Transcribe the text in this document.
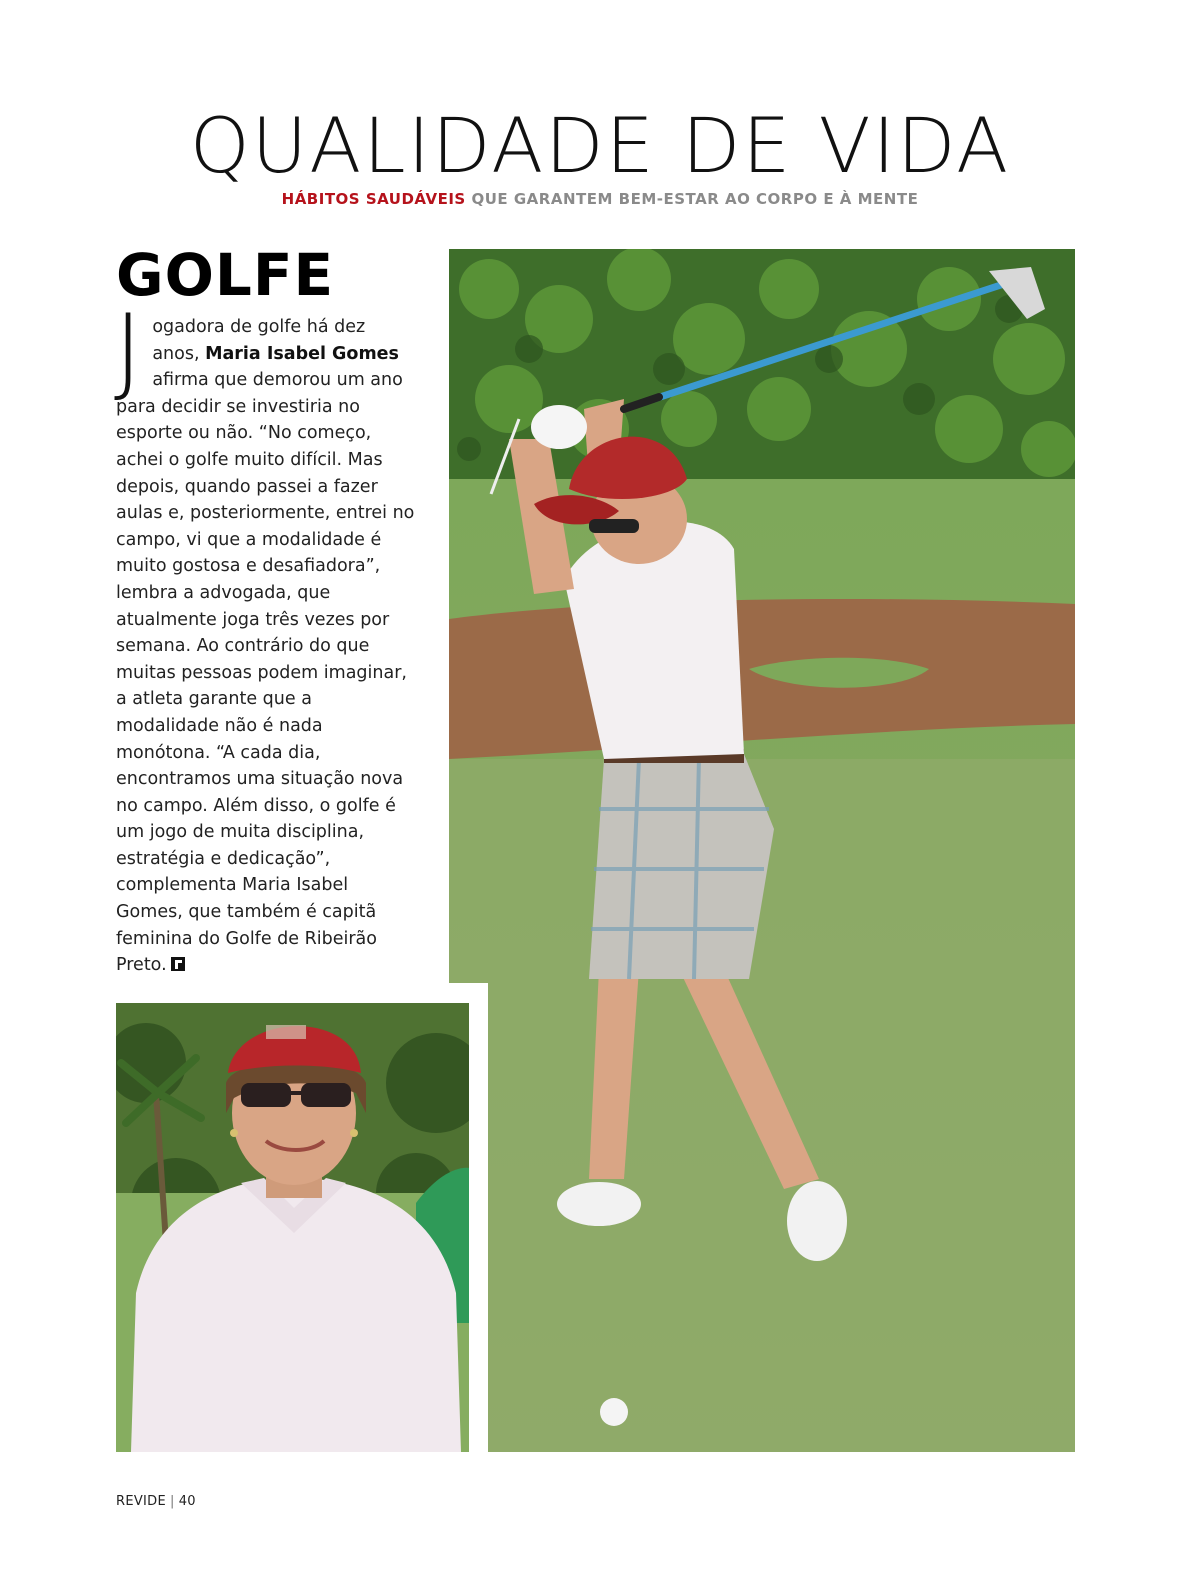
QUALIDADE DE VIDA
HÁBITOS SAUDÁVEIS QUE GARANTEM BEM-ESTAR AO CORPO E À MENTE
GOLFE

Jogadora de golfe há dez anos, Maria Isabel Gomes afirma que demorou um ano para decidir se investiria no esporte ou não. “No começo, achei o golfe muito difícil. Mas depois, quando passei a fazer aulas e, posteriormente, entrei no campo, vi que a modalidade é muito gostosa e desafiadora”, lembra a advogada, que atualmente joga três vezes por semana. Ao contrário do que muitas pessoas podem imaginar, a atleta garante que a modalidade não é nada monótona. “A cada dia, encontramos uma situação nova no campo. Além disso, o golfe é um jogo de muita disciplina, estratégia e dedicação”, complementa Maria Isabel Gomes, que também é capitã feminina do Golfe de Ribeirão Preto.

REVIDE | 40
